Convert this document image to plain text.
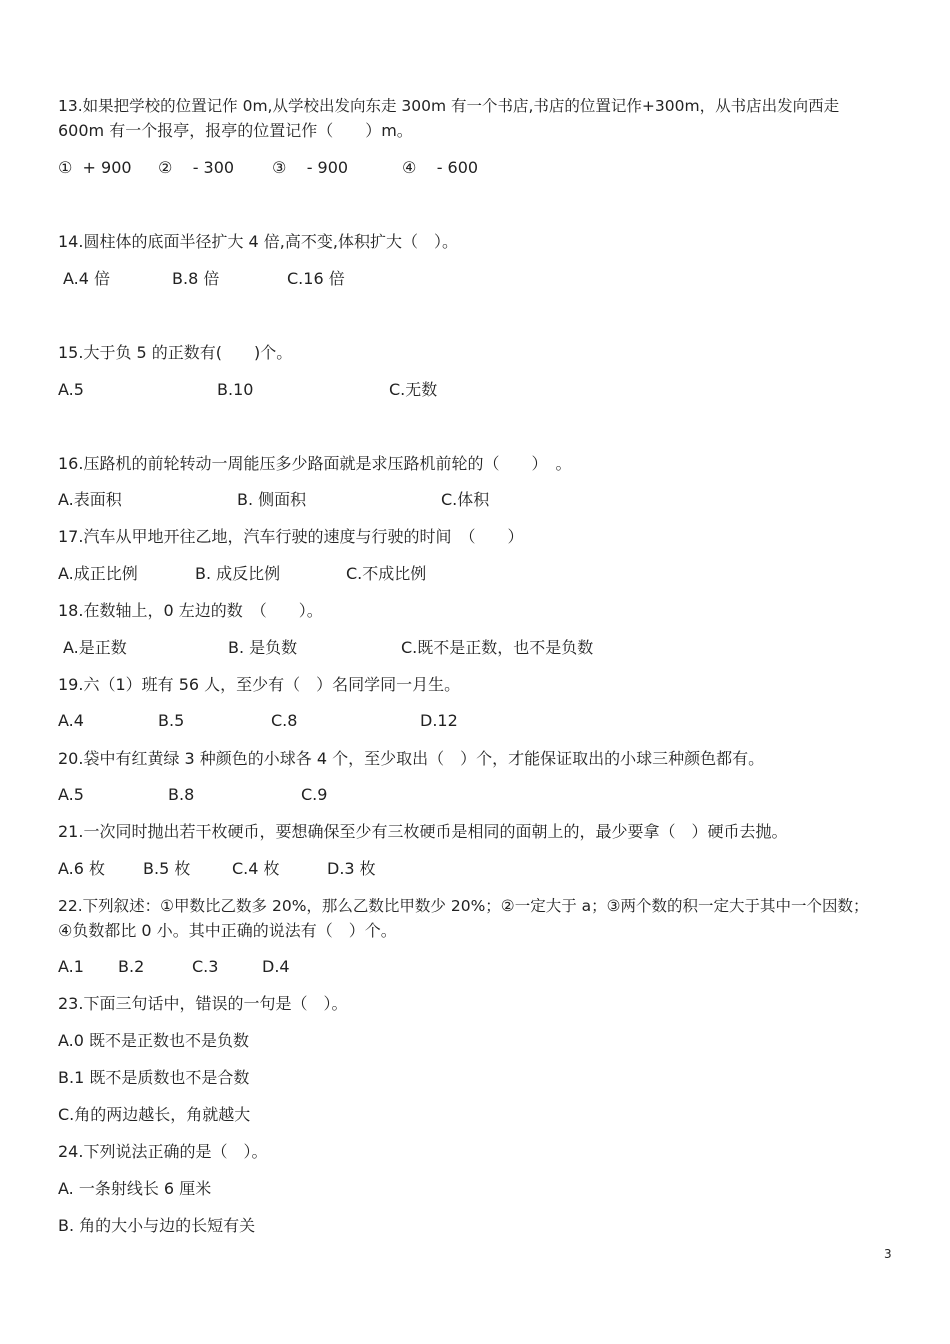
13.如果把学校的位置记作 0m,从学校出发向东走 300m 有一个书店,书店的位置记作+300m，从书店出发向西走
600m 有一个报亭，报亭的位置记作（　　）m。
①  + 900 ②    - 300 ③    - 900	④    - 600
14.圆柱体的底面半径扩大 4 倍,高不变,体积扩大（　）。
A.4 倍	B.8 倍	C.16 倍
15.大于负 5 的正数有(　　)个。
A.5	B.10	C.无数
16.压路机的前轮转动一周能压多少路面就是求压路机前轮的（　　）　。
A.表面积	B. 侧面积	C.体积
17.汽车从甲地开往乙地，汽车行驶的速度与行驶的时间　（　　）
A.成正比例	B. 成反比例	C.不成比例
18.在数轴上，0 左边的数　（　　）。
A.是正数	B. 是负数	C.既不是正数，也不是负数
19.六（1）班有 56 人，至少有（　）名同学同一月生。
A.4	B.5	C.8	D.12
20.袋中有红黄绿 3 种颜色的小球各 4 个，至少取出（　）个，才能保证取出的小球三种颜色都有。
A.5	B.8	C.9
21.一次同时抛出若干枚硬币，要想确保至少有三枚硬币是相同的面朝上的，最少要拿（　）硬币去抛。
A.6 枚 B.5 枚	C.4 枚	D.3 枚
22.下列叙述：①甲数比乙数多 20%，那么乙数比甲数少 20%；②一定大于 a；③两个数的积一定大于其中一个因数；
④负数都比 0 小。其中正确的说法有（　）个。
A.1 B.2	C.3	D.4
23.下面三句话中，错误的一句是（　）。
A.0 既不是正数也不是负数
B.1 既不是质数也不是合数
C.角的两边越长，角就越大
24.下列说法正确的是（　）。
A. 一条射线长 6 厘米
B. 角的大小与边的长短有关
3
